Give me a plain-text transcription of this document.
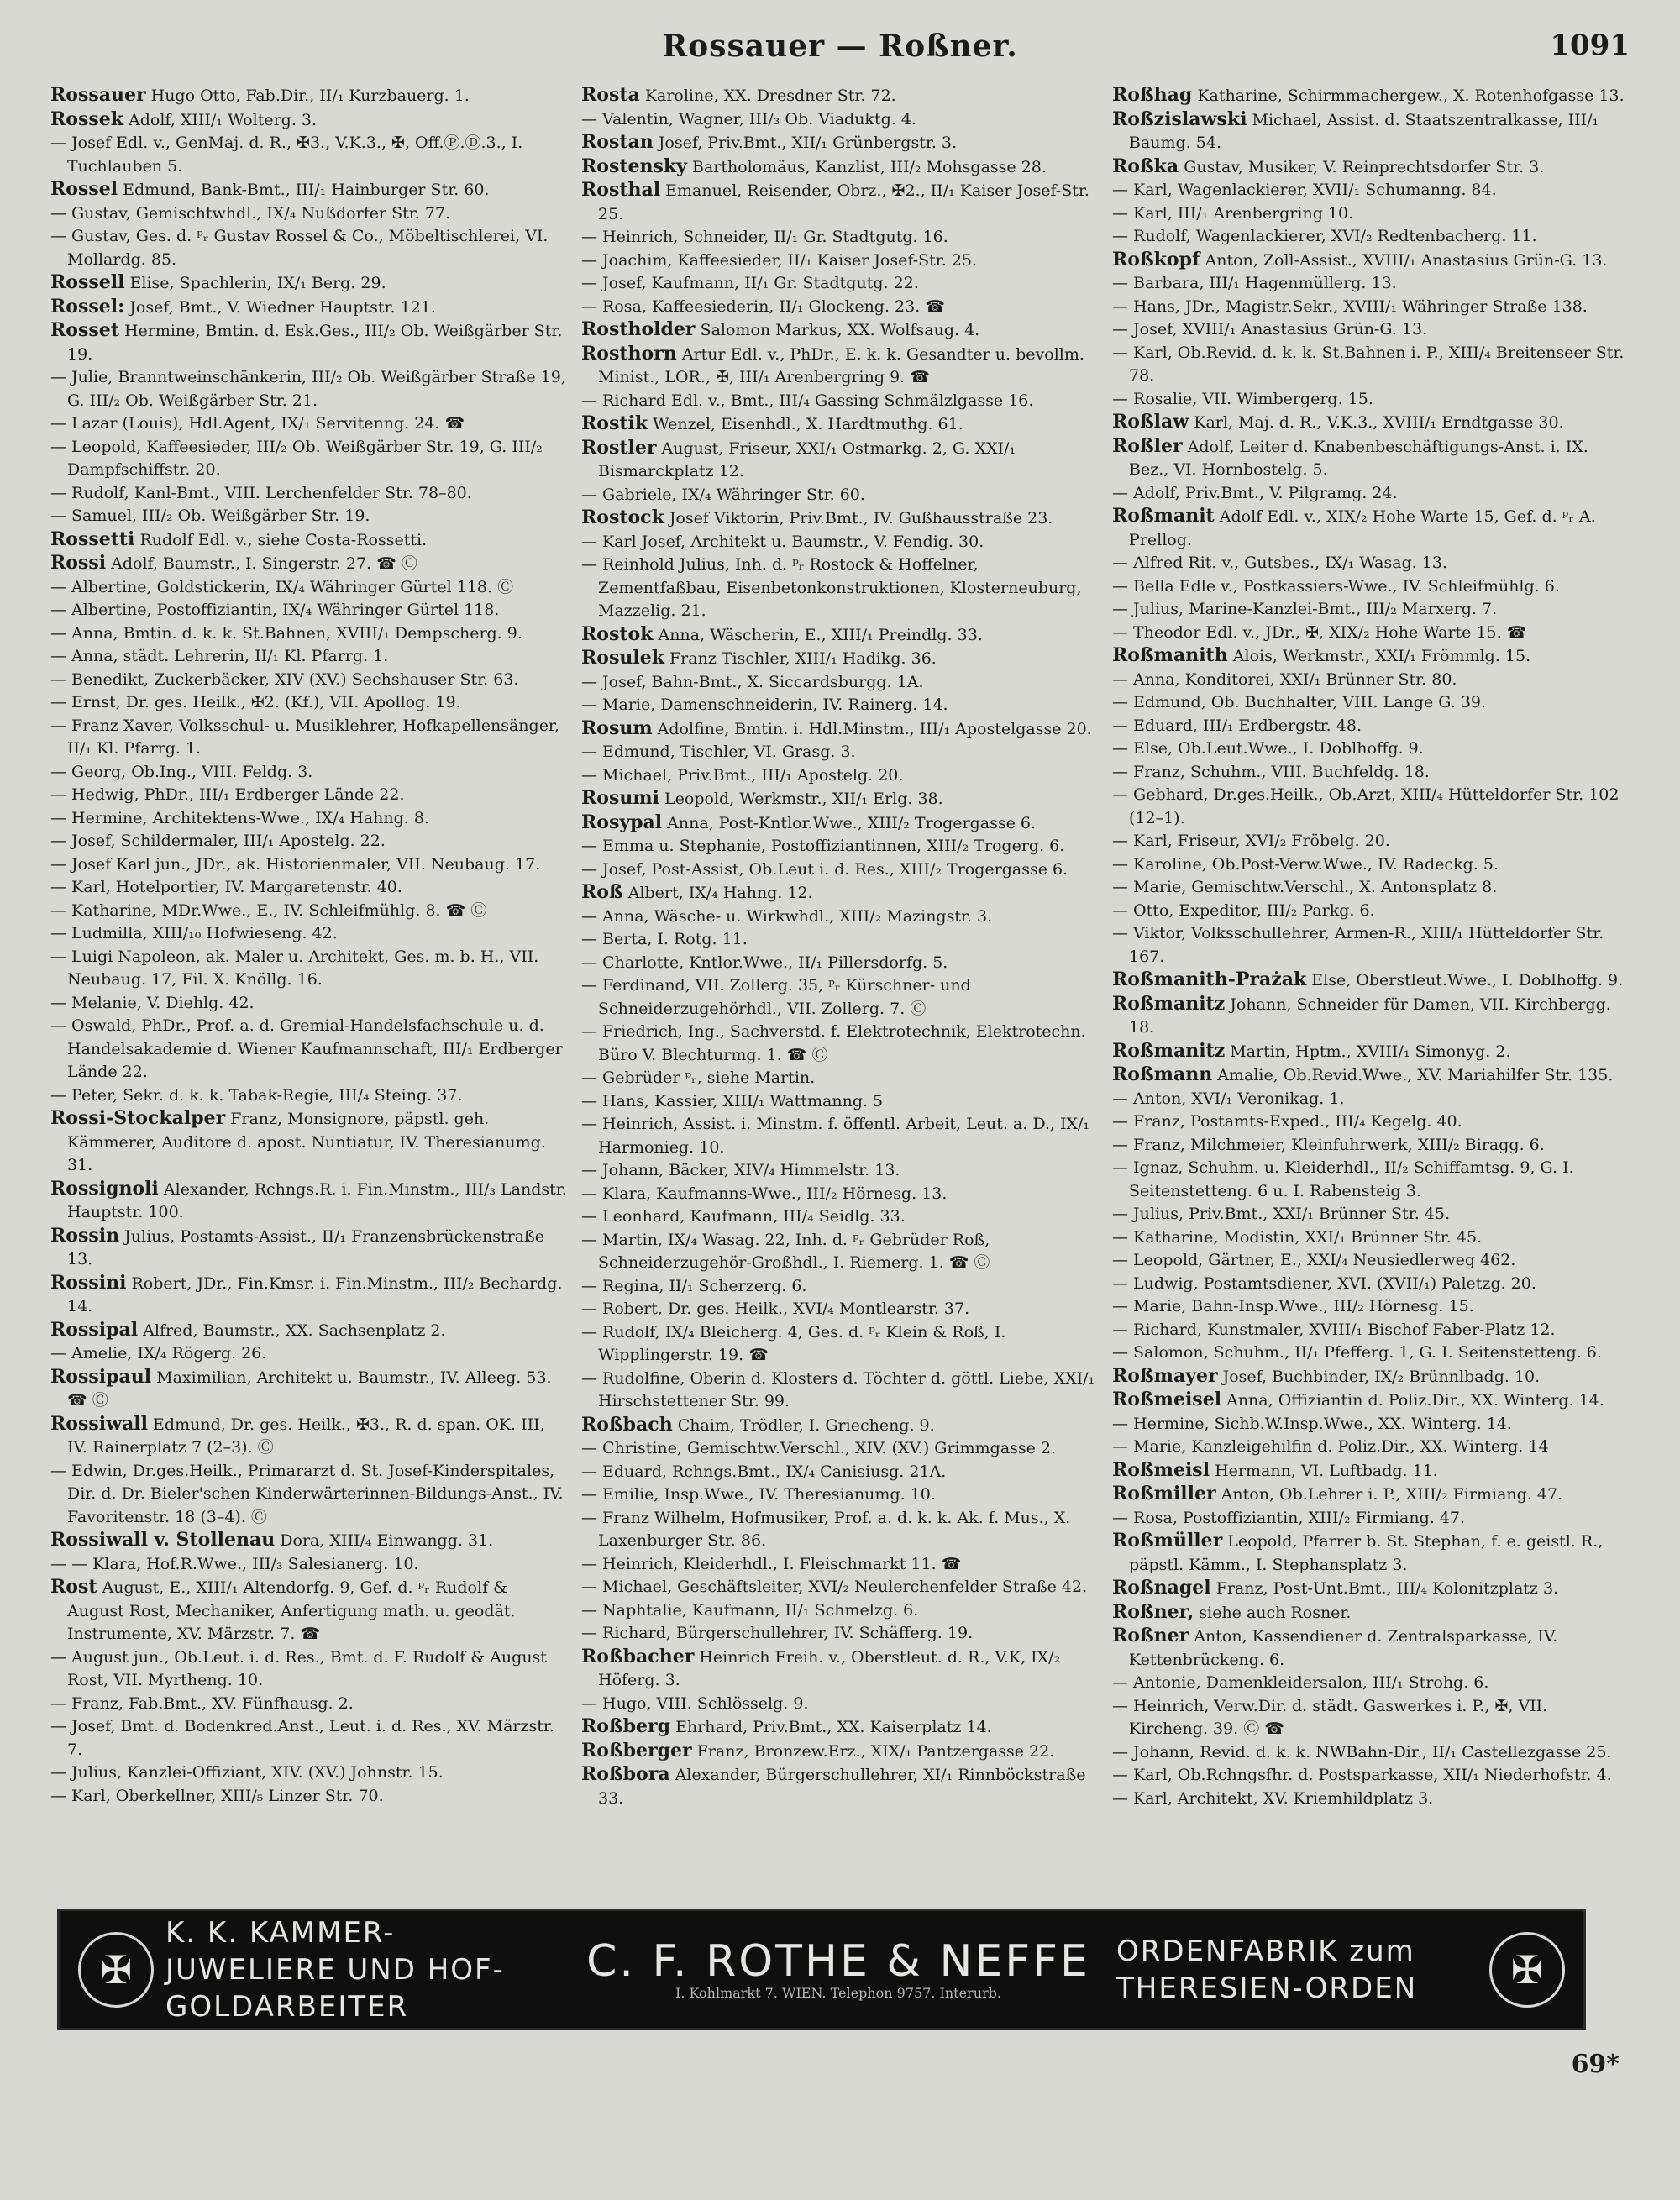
Rossauer — Roßner.	1091

Rossauer Hugo Otto, Fab.Dir., II/₁ Kurzbauerg. 1.

Rossek Adolf, XIII/₁ Wolterg. 3.

— Josef Edl. v., GenMaj. d. R., ✠3., V.K.3., ✠, Off.Ⓟ.Ⓓ.3., I. Tuchlauben 5.

Rossel Edmund, Bank-Bmt., III/₁ Hainburger Str. 60.

— Gustav, Gemischtwhdl., IX/₄ Nußdorfer Str. 77.

— Gustav, Ges. d. ᵖᵣ Gustav Rossel & Co., Möbeltischlerei, VI. Mollardg. 85.

Rossell Elise, Spachlerin, IX/₁ Berg. 29.

Rossel: Josef, Bmt., V. Wiedner Hauptstr. 121.

Rosset Hermine, Bmtin. d. Esk.Ges., III/₂ Ob. Weißgärber Str. 19.

— Julie, Branntweinschänkerin, III/₂ Ob. Weißgärber Straße 19, G. III/₂ Ob. Weißgärber Str. 21.

— Lazar (Louis), Hdl.Agent, IX/₁ Servitenng. 24. ☎

— Leopold, Kaffeesieder, III/₂ Ob. Weißgärber Str. 19, G. III/₂ Dampfschiffstr. 20.

— Rudolf, Kanl-Bmt., VIII. Lerchenfelder Str. 78–80.

— Samuel, III/₂ Ob. Weißgärber Str. 19.

Rossetti Rudolf Edl. v., siehe Costa-Rossetti.

Rossi Adolf, Baumstr., I. Singerstr. 27. ☎ Ⓒ

— Albertine, Goldstickerin, IX/₄ Währinger Gürtel 118. Ⓒ

— Albertine, Postoffiziantin, IX/₄ Währinger Gürtel 118.

— Anna, Bmtin. d. k. k. St.Bahnen, XVIII/₁ Dempscherg. 9.

— Anna, städt. Lehrerin, II/₁ Kl. Pfarrg. 1.

— Benedikt, Zuckerbäcker, XIV (XV.) Sechshauser Str. 63.

— Ernst, Dr. ges. Heilk., ✠2. (Kf.), VII. Apollog. 19.

— Franz Xaver, Volksschul- u. Musiklehrer, Hofkapellensänger, II/₁ Kl. Pfarrg. 1.

— Georg, Ob.Ing., VIII. Feldg. 3.

— Hedwig, PhDr., III/₁ Erdberger Lände 22.

— Hermine, Architektens-Wwe., IX/₄ Hahng. 8.

— Josef, Schildermaler, III/₁ Apostelg. 22.

— Josef Karl jun., JDr., ak. Historienmaler, VII. Neubaug. 17.

— Karl, Hotelportier, IV. Margaretenstr. 40.

— Katharine, MDr.Wwe., E., IV. Schleifmühlg. 8. ☎ Ⓒ

— Ludmilla, XIII/₁₀ Hofwieseng. 42.

— Luigi Napoleon, ak. Maler u. Architekt, Ges. m. b. H., VII. Neubaug. 17, Fil. X. Knöllg. 16.

— Melanie, V. Diehlg. 42.

— Oswald, PhDr., Prof. a. d. Gremial-Handelsfachschule u. d. Handelsakademie d. Wiener Kaufmannschaft, III/₁ Erdberger Lände 22.

— Peter, Sekr. d. k. k. Tabak-Regie, III/₄ Steing. 37.

Rossi-Stockalper Franz, Monsignore, päpstl. geh. Kämmerer, Auditore d. apost. Nuntiatur, IV. Theresianumg. 31.

Rossignoli Alexander, Rchngs.R. i. Fin.Minstm., III/₃ Landstr. Hauptstr. 100.

Rossin Julius, Postamts-Assist., II/₁ Franzensbrückenstraße 13.

Rossini Robert, JDr., Fin.Kmsr. i. Fin.Minstm., III/₂ Bechardg. 14.

Rossipal Alfred, Baumstr., XX. Sachsenplatz 2.

— Amelie, IX/₄ Rögerg. 26.

Rossipaul Maximilian, Architekt u. Baumstr., IV. Alleeg. 53. ☎ Ⓒ

Rossiwall Edmund, Dr. ges. Heilk., ✠3., R. d. span. OK. III, IV. Rainerplatz 7 (2–3). Ⓒ

— Edwin, Dr.ges.Heilk., Primararzt d. St. Josef-Kinderspitales, Dir. d. Dr. Bieler'schen Kinderwärterinnen-Bildungs-Anst., IV. Favoritenstr. 18 (3–4). Ⓒ

Rossiwall v. Stollenau Dora, XIII/₄ Einwangg. 31.

— — Klara, Hof.R.Wwe., III/₃ Salesianerg. 10.

Rost August, E., XIII/₁ Altendorfg. 9, Gef. d. ᵖᵣ Rudolf & August Rost, Mechaniker, Anfertigung math. u. geodät. Instrumente, XV. Märzstr. 7. ☎

— August jun., Ob.Leut. i. d. Res., Bmt. d. F. Rudolf & August Rost, VII. Myrtheng. 10.

— Franz, Fab.Bmt., XV. Fünfhausg. 2.

— Josef, Bmt. d. Bodenkred.Anst., Leut. i. d. Res., XV. Märzstr. 7.

— Julius, Kanzlei-Offiziant, XIV. (XV.) Johnstr. 15.

— Karl, Oberkellner, XIII/₅ Linzer Str. 70.

Rosta Karoline, XX. Dresdner Str. 72.

— Valentin, Wagner, III/₃ Ob. Viaduktg. 4.

Rostan Josef, Priv.Bmt., XII/₁ Grünbergstr. 3.

Rostensky Bartholomäus, Kanzlist, III/₂ Mohsgasse 28.

Rosthal Emanuel, Reisender, Obrz., ✠2., II/₁ Kaiser Josef-Str. 25.

— Heinrich, Schneider, II/₁ Gr. Stadtgutg. 16.

— Joachim, Kaffeesieder, II/₁ Kaiser Josef-Str. 25.

— Josef, Kaufmann, II/₁ Gr. Stadtgutg. 22.

— Rosa, Kaffeesiederin, II/₁ Glockeng. 23. ☎

Rostholder Salomon Markus, XX. Wolfsaug. 4.

Rosthorn Artur Edl. v., PhDr., E. k. k. Gesandter u. bevollm. Minist., LOR., ✠, III/₁ Arenbergring 9. ☎

— Richard Edl. v., Bmt., III/₄ Gassing Schmälzlgasse 16.

Rostik Wenzel, Eisenhdl., X. Hardtmuthg. 61.

Rostler August, Friseur, XXI/₁ Ostmarkg. 2, G. XXI/₁ Bismarckplatz 12.

— Gabriele, IX/₄ Währinger Str. 60.

Rostock Josef Viktorin, Priv.Bmt., IV. Gußhausstraße 23.

— Karl Josef, Architekt u. Baumstr., V. Fendig. 30.

— Reinhold Julius, Inh. d. ᵖᵣ Rostock & Hoffelner, Zementfaßbau, Eisenbetonkonstruktionen, Klosterneuburg, Mazzelig. 21.

Rostok Anna, Wäscherin, E., XIII/₁ Preindlg. 33.

Rosulek Franz Tischler, XIII/₁ Hadikg. 36.

— Josef, Bahn-Bmt., X. Siccardsburgg. 1A.

— Marie, Damenschneiderin, IV. Rainerg. 14.

Rosum Adolfine, Bmtin. i. Hdl.Minstm., III/₁ Apostelgasse 20.

— Edmund, Tischler, VI. Grasg. 3.

— Michael, Priv.Bmt., III/₁ Apostelg. 20.

Rosumi Leopold, Werkmstr., XII/₁ Erlg. 38.

Rosypal Anna, Post-Kntlor.Wwe., XIII/₂ Trogergasse 6.

— Emma u. Stephanie, Postoffiziantinnen, XIII/₂ Trogerg. 6.

— Josef, Post-Assist, Ob.Leut i. d. Res., XIII/₂ Trogergasse 6.

Roß Albert, IX/₄ Hahng. 12.

— Anna, Wäsche- u. Wirkwhdl., XIII/₂ Mazingstr. 3.

— Berta, I. Rotg. 11.

— Charlotte, Kntlor.Wwe., II/₁ Pillersdorfg. 5.

— Ferdinand, VII. Zollerg. 35, ᵖᵣ Kürschner- und Schneiderzugehörhdl., VII. Zollerg. 7. Ⓒ

— Friedrich, Ing., Sachverstd. f. Elektrotechnik, Elektrotechn. Büro V. Blechturmg. 1. ☎ Ⓒ

— Gebrüder ᵖᵣ, siehe Martin.

— Hans, Kassier, XIII/₁ Wattmanng. 5

— Heinrich, Assist. i. Minstm. f. öffentl. Arbeit, Leut. a. D., IX/₁ Harmonieg. 10.

— Johann, Bäcker, XIV/₄ Himmelstr. 13.

— Klara, Kaufmanns-Wwe., III/₂ Hörnesg. 13.

— Leonhard, Kaufmann, III/₄ Seidlg. 33.

— Martin, IX/₄ Wasag. 22, Inh. d. ᵖᵣ Gebrüder Roß, Schneiderzugehör-Großhdl., I. Riemerg. 1. ☎ Ⓒ

— Regina, II/₁ Scherzerg. 6.

— Robert, Dr. ges. Heilk., XVI/₄ Montlearstr. 37.

— Rudolf, IX/₄ Bleicherg. 4, Ges. d. ᵖᵣ Klein & Roß, I. Wipplingerstr. 19. ☎

— Rudolfine, Oberin d. Klosters d. Töchter d. göttl. Liebe, XXI/₁ Hirschstettener Str. 99.

Roßbach Chaim, Trödler, I. Griecheng. 9.

— Christine, Gemischtw.Verschl., XIV. (XV.) Grimmgasse 2.

— Eduard, Rchngs.Bmt., IX/₄ Canisiusg. 21A.

— Emilie, Insp.Wwe., IV. Theresianumg. 10.

— Franz Wilhelm, Hofmusiker, Prof. a. d. k. k. Ak. f. Mus., X. Laxenburger Str. 86.

— Heinrich, Kleiderhdl., I. Fleischmarkt 11. ☎

— Michael, Geschäftsleiter, XVI/₂ Neulerchenfelder Straße 42.

— Naphtalie, Kaufmann, II/₁ Schmelzg. 6.

— Richard, Bürgerschullehrer, IV. Schäfferg. 19.

Roßbacher Heinrich Freih. v., Oberstleut. d. R., V.K, IX/₂ Höferg. 3.

— Hugo, VIII. Schlösselg. 9.

Roßberg Ehrhard, Priv.Bmt., XX. Kaiserplatz 14.

Roßberger Franz, Bronzew.Erz., XIX/₁ Pantzergasse 22.

Roßbora Alexander, Bürgerschullehrer, XI/₁ Rinnböckstraße 33.

Roßhag Katharine, Schirmmachergew., X. Rotenhofgasse 13.

Roßzislawski Michael, Assist. d. Staatszentralkasse, III/₁ Baumg. 54.

Roßka Gustav, Musiker, V. Reinprechtsdorfer Str. 3.

— Karl, Wagenlackierer, XVII/₁ Schumanng. 84.

— Karl, III/₁ Arenbergring 10.

— Rudolf, Wagenlackierer, XVI/₂ Redtenbacherg. 11.

Roßkopf Anton, Zoll-Assist., XVIII/₁ Anastasius Grün-G. 13.

— Barbara, III/₁ Hagenmüllerg. 13.

— Hans, JDr., Magistr.Sekr., XVIII/₁ Währinger Straße 138.

— Josef, XVIII/₁ Anastasius Grün-G. 13.

— Karl, Ob.Revid. d. k. k. St.Bahnen i. P., XIII/₄ Breitenseer Str. 78.

— Rosalie, VII. Wimbergerg. 15.

Roßlaw Karl, Maj. d. R., V.K.3., XVIII/₁ Erndtgasse 30.

Roßler Adolf, Leiter d. Knabenbeschäftigungs-Anst. i. IX. Bez., VI. Hornbostelg. 5.

— Adolf, Priv.Bmt., V. Pilgramg. 24.

Roßmanit Adolf Edl. v., XIX/₂ Hohe Warte 15, Gef. d. ᵖᵣ A. Prellog.

— Alfred Rit. v., Gutsbes., IX/₁ Wasag. 13.

— Bella Edle v., Postkassiers-Wwe., IV. Schleifmühlg. 6.

— Julius, Marine-Kanzlei-Bmt., III/₂ Marxerg. 7.

— Theodor Edl. v., JDr., ✠, XIX/₂ Hohe Warte 15. ☎

Roßmanith Alois, Werkmstr., XXI/₁ Frömmlg. 15.

— Anna, Konditorei, XXI/₁ Brünner Str. 80.

— Edmund, Ob. Buchhalter, VIII. Lange G. 39.

— Eduard, III/₁ Erdbergstr. 48.

— Else, Ob.Leut.Wwe., I. Doblhoffg. 9.

— Franz, Schuhm., VIII. Buchfeldg. 18.

— Gebhard, Dr.ges.Heilk., Ob.Arzt, XIII/₄ Hütteldorfer Str. 102 (12–1).

— Karl, Friseur, XVI/₂ Fröbelg. 20.

— Karoline, Ob.Post-Verw.Wwe., IV. Radeckg. 5.

— Marie, Gemischtw.Verschl., X. Antonsplatz 8.

— Otto, Expeditor, III/₂ Parkg. 6.

— Viktor, Volksschullehrer, Armen-R., XIII/₁ Hütteldorfer Str. 167.

Roßmanith-Prażak Else, Oberstleut.Wwe., I. Doblhoffg. 9.

Roßmanitz Johann, Schneider für Damen, VII. Kirchbergg. 18.

Roßmanitz Martin, Hptm., XVIII/₁ Simonyg. 2.

Roßmann Amalie, Ob.Revid.Wwe., XV. Mariahilfer Str. 135.

— Anton, XVI/₁ Veronikag. 1.

— Franz, Postamts-Exped., III/₄ Kegelg. 40.

— Franz, Milchmeier, Kleinfuhrwerk, XIII/₂ Biragg. 6.

— Ignaz, Schuhm. u. Kleiderhdl., II/₂ Schiffamtsg. 9, G. I. Seitenstetteng. 6 u. I. Rabensteig 3.

— Julius, Priv.Bmt., XXI/₁ Brünner Str. 45.

— Katharine, Modistin, XXI/₁ Brünner Str. 45.

— Leopold, Gärtner, E., XXI/₄ Neusiedlerweg 462.

— Ludwig, Postamtsdiener, XVI. (XVII/₁) Paletzg. 20.

— Marie, Bahn-Insp.Wwe., III/₂ Hörnesg. 15.

— Richard, Kunstmaler, XVIII/₁ Bischof Faber-Platz 12.

— Salomon, Schuhm., II/₁ Pfefferg. 1, G. I. Seitenstetteng. 6.

Roßmayer Josef, Buchbinder, IX/₂ Brünnlbadg. 10.

Roßmeisel Anna, Offiziantin d. Poliz.Dir., XX. Winterg. 14.

— Hermine, Sichb.W.Insp.Wwe., XX. Winterg. 14.

— Marie, Kanzleigehilfin d. Poliz.Dir., XX. Winterg. 14

Roßmeisl Hermann, VI. Luftbadg. 11.

Roßmiller Anton, Ob.Lehrer i. P., XIII/₂ Firmiang. 47.

— Rosa, Postoffiziantin, XIII/₂ Firmiang. 47.

Roßmüller Leopold, Pfarrer b. St. Stephan, f. e. geistl. R., päpstl. Kämm., I. Stephansplatz 3.

Roßnagel Franz, Post-Unt.Bmt., III/₄ Kolonitzplatz 3.

Roßner, siehe auch Rosner.

Roßner Anton, Kassendiener d. Zentralsparkasse, IV. Kettenbrückeng. 6.

— Antonie, Damenkleidersalon, III/₁ Strohg. 6.

— Heinrich, Verw.Dir. d. städt. Gaswerkes i. P., ✠, VII. Kircheng. 39. Ⓒ ☎

— Johann, Revid. d. k. k. NWBahn-Dir., II/₁ Castellezgasse 25.

— Karl, Ob.Rchngsfhr. d. Postsparkasse, XII/₁ Niederhofstr. 4.

— Karl, Architekt, XV. Kriemhildplatz 3.

✠
K. K. KAMMER-JUWELIERE UND HOF-GOLDARBEITER
C. F. ROTHE & NEFFE
I. Kohlmarkt 7. WIEN. Telephon 9757. Interurb.
ORDENFABRIK zum THERESIEN-ORDEN	✠
69*
